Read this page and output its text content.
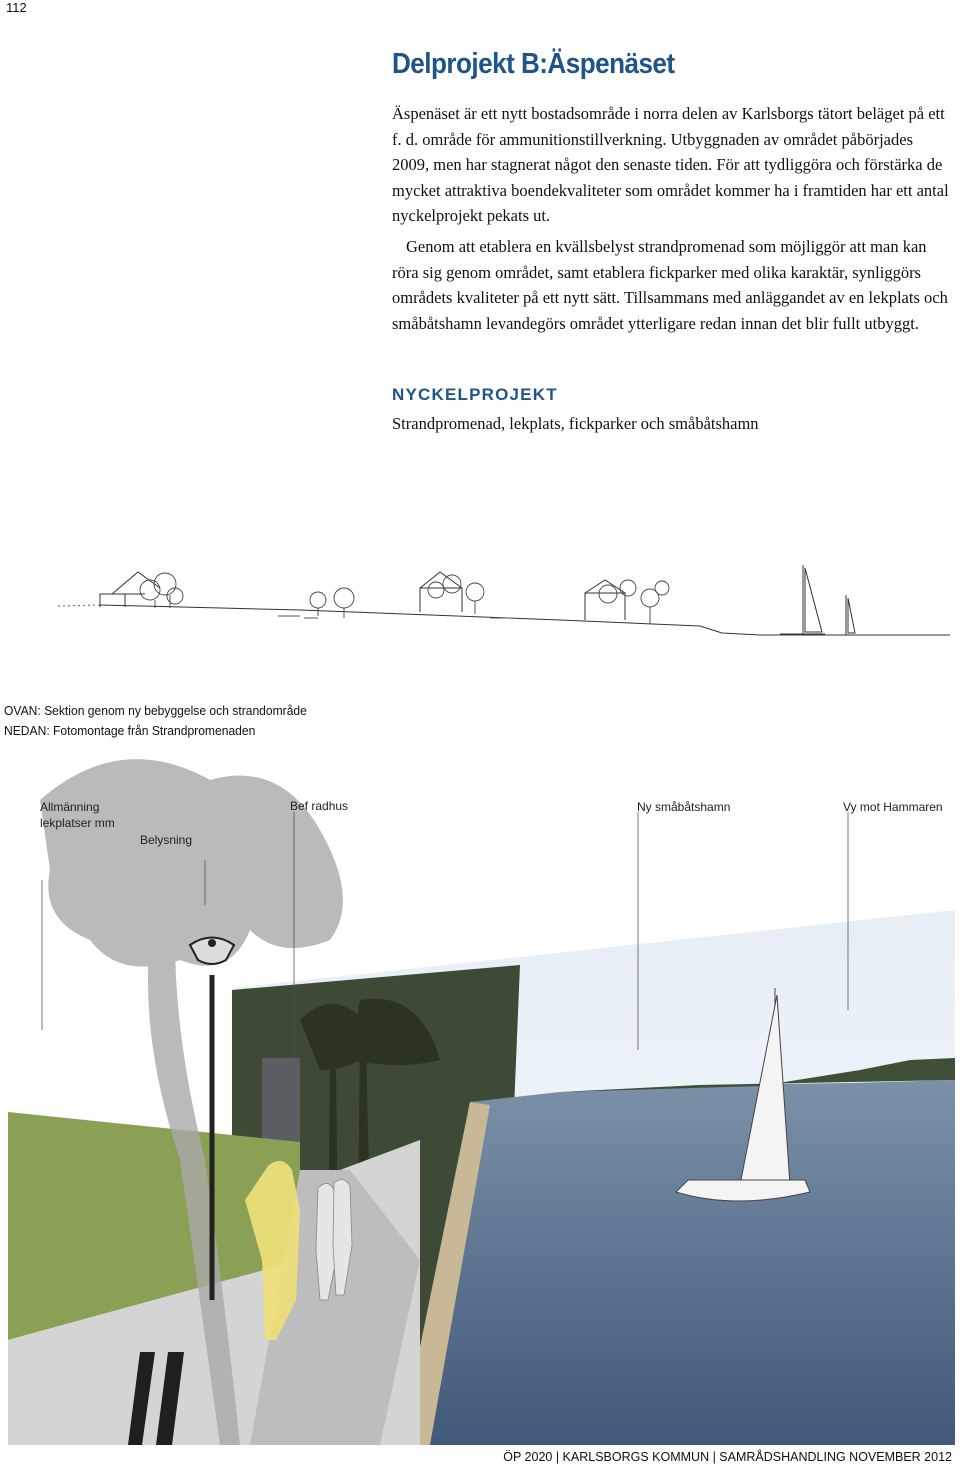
112
Delprojekt B:Äspenäset
Äspenäset är ett nytt bostadsområde i norra delen av Karlsborgs tätort beläget på ett f. d. område för ammunitionstillverkning. Utbyggnaden av området påbörjades 2009, men har stagnerat något den senaste tiden. För att tydliggöra och förstärka de mycket attraktiva boendekvaliteter som området kommer ha i framtiden har ett antal nyckelprojekt pekats ut.
Genom att etablera en kvällsbelyst strandpromenad som möjliggör att man kan röra sig genom området, samt etablera fickparker med olika karaktär, synliggörs områdets kvaliteter på ett nytt sätt. Tillsammans med anläggandet av en lekplats och småbåtshamn levandegörs området ytterligare redan innan det blir fullt utbyggt.
NYCKELPROJEKT
Strandpromenad, lekplats, fickparker och småbåtshamn
OVAN: Sektion genom ny bebyggelse och strandområde
NEDAN: Fotomontage från Strandpromenaden
Allmänning
lekplatser mm
Belysning
Bef radhus	Ny småbåtshamn	Vy mot Hammaren
ÖP 2020 | KARLSBORGS KOMMUN | SAMRÅDSHANDLING NOVEMBER 2012
